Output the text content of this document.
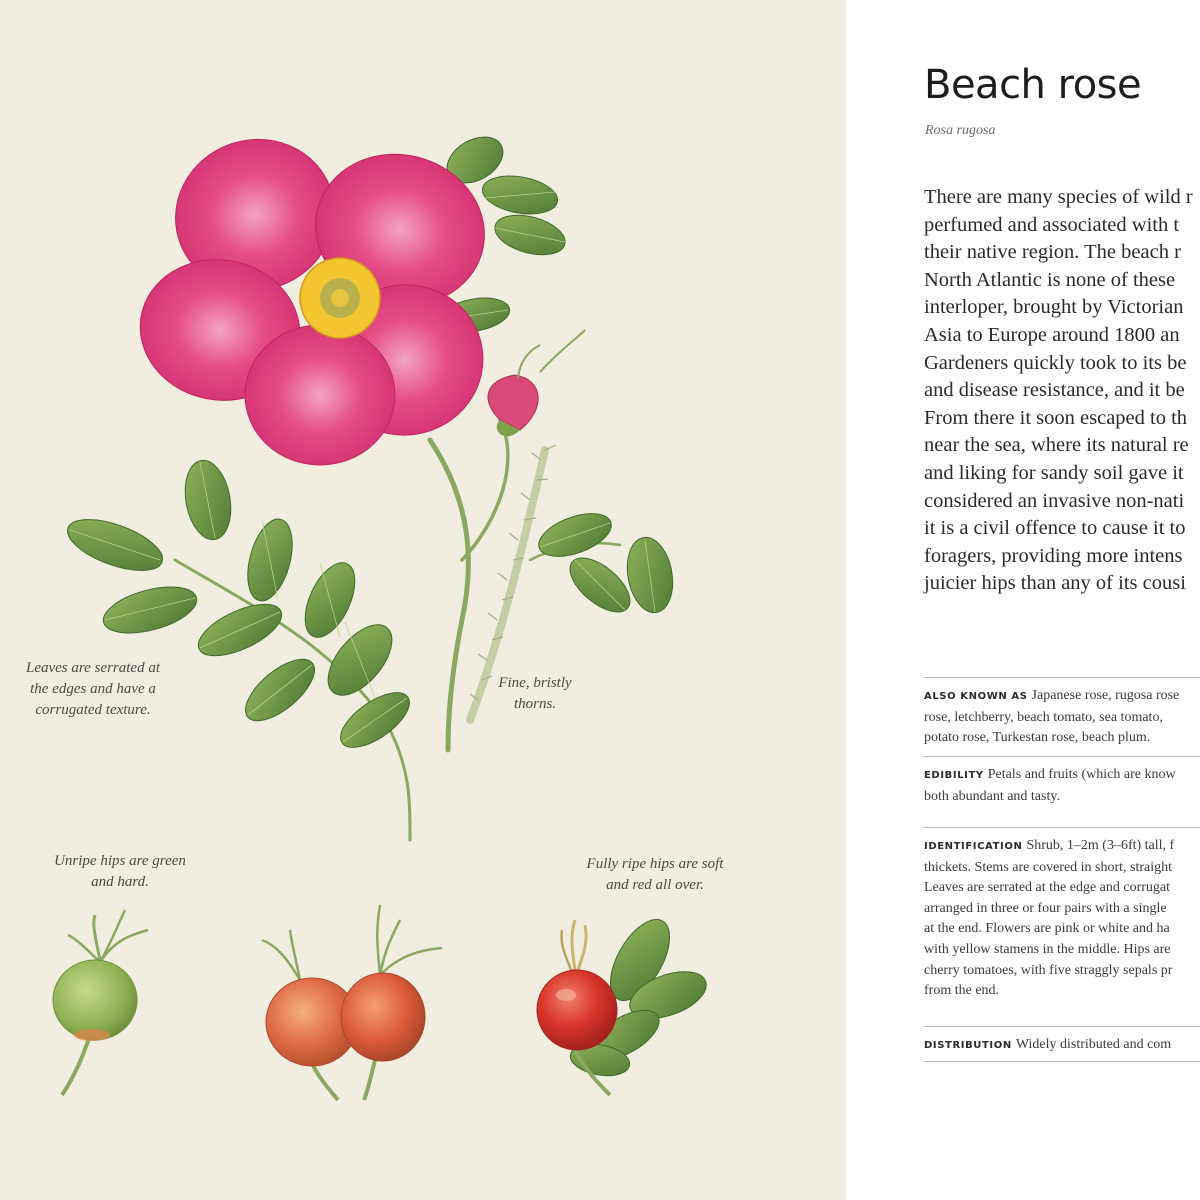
Leaves are serrated at
the edges and have a
corrugated texture.

Fine, bristly
thorns.

Unripe hips are green
and hard.

Fully ripe hips are soft
and red all over.

Beach rose

Rosa rugosa

There are many species of wild r
perfumed and associated with t
their native region. The beach r
North Atlantic is none of these
interloper, brought by Victorian
Asia to Europe around 1800 an
Gardeners quickly took to its be
and disease resistance, and it be
From there it soon escaped to th
near the sea, where its natural re
and liking for sandy soil gave it
considered an invasive non-nati
it is a civil offence to cause it to
foragers, providing more intens
juicier hips than any of its cousi
ALSO KNOWN AS Japanese rose, rugosa rose
rose, letchberry, beach tomato, sea tomato,
potato rose, Turkestan rose, beach plum.
EDIBILITY Petals and fruits (which are know
both abundant and tasty.
IDENTIFICATION Shrub, 1–2m (3–6ft) tall, f
thickets. Stems are covered in short, straight
Leaves are serrated at the edge and corrugat
arranged in three or four pairs with a single
at the end. Flowers are pink or white and ha
with yellow stamens in the middle. Hips are
cherry tomatoes, with five straggly sepals pr
from the end.
DISTRIBUTION Widely distributed and com
